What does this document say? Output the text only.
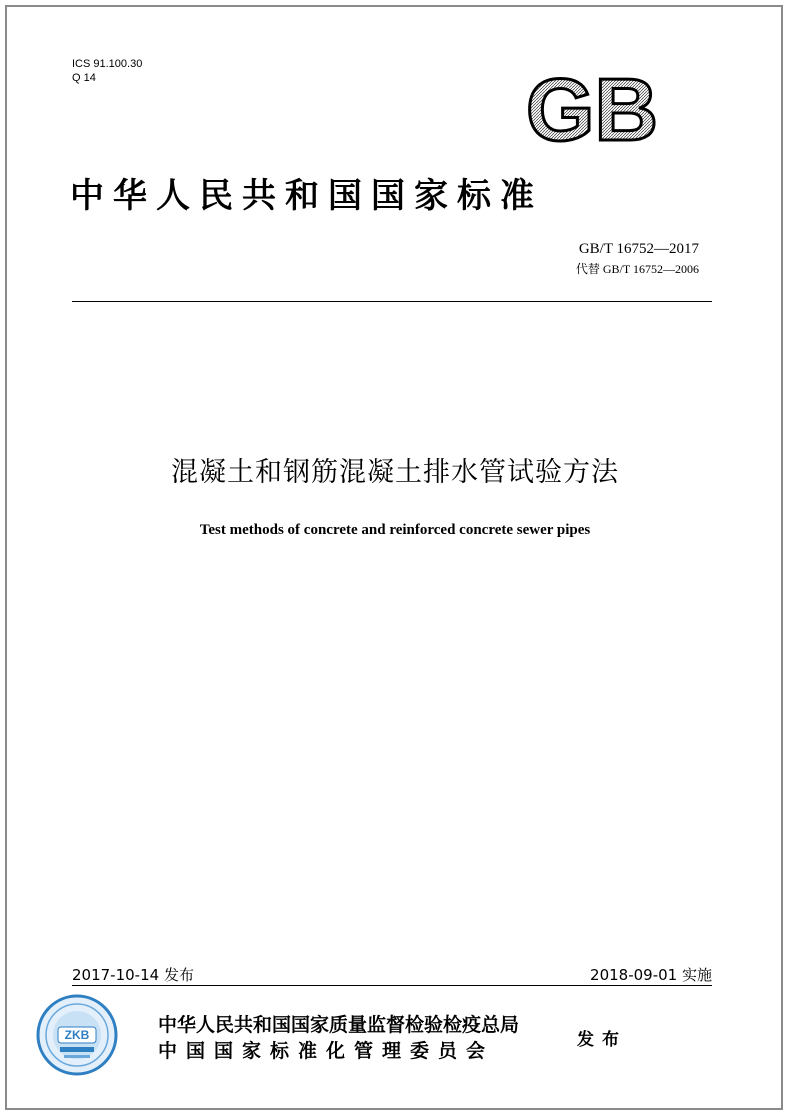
ICS 91.100.30
Q 14	GB
中华人民共和国国家标准
GB/T 16752—2017
代替 GB/T 16752—2006
混凝土和钢筋混凝土排水管试验方法
Test methods of concrete and reinforced concrete sewer pipes
2017-10-14 发布	2018-09-01 实施
ZKB	中华人民共和国国家质量监督检验检疫总局
中国国家标准化管理委员会	发布
